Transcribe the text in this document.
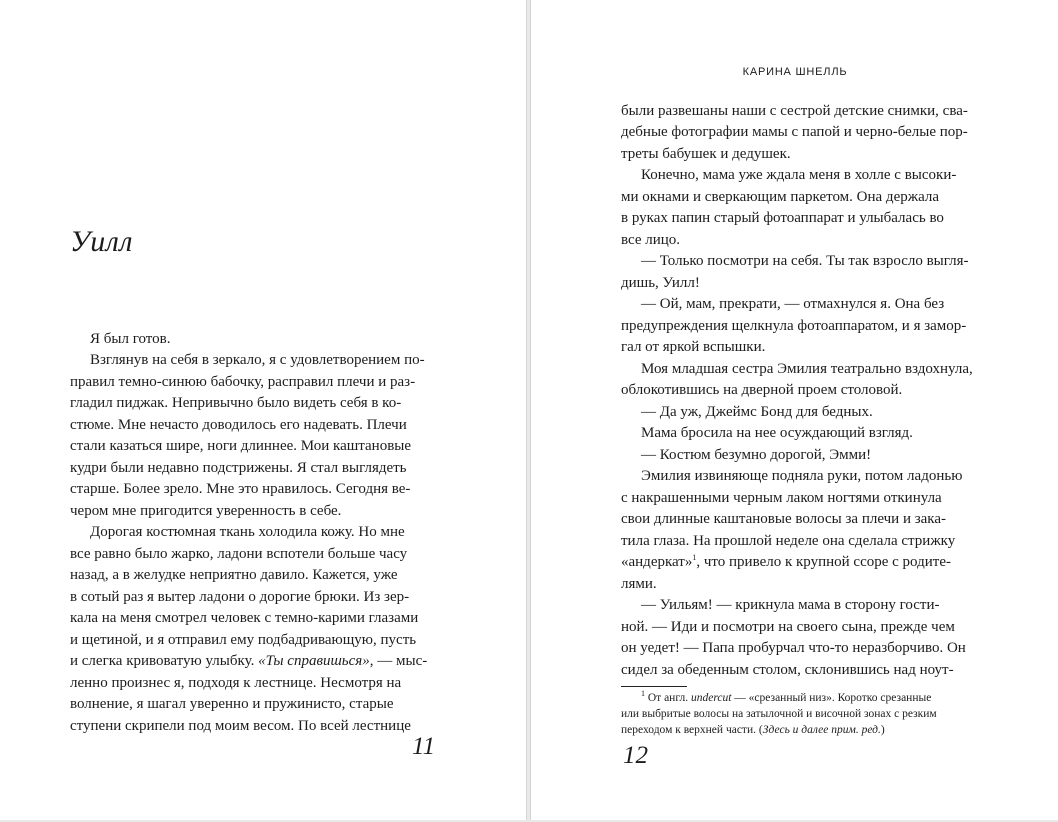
Уилл
Я был готов.
Взглянув на себя в зеркало, я с удовлетворением по-
правил темно-синюю бабочку, расправил плечи и раз-
гладил пиджак. Непривычно было видеть себя в ко-
стюме. Мне нечасто доводилось его надевать. Плечи
стали казаться шире, ноги длиннее. Мои каштановые
кудри были недавно подстрижены. Я стал выглядеть
старше. Более зрело. Мне это нравилось. Сегодня ве-
чером мне пригодится уверенность в себе.
Дорогая костюмная ткань холодила кожу. Но мне
все равно было жарко, ладони вспотели больше часу
назад, а в желудке неприятно давило. Кажется, уже
в сотый раз я вытер ладони о дорогие брюки. Из зер-
кала на меня смотрел человек с темно-карими глазами
и щетиной, и я отправил ему подбадривающую, пусть
и слегка кривоватую улыбку. «Ты справишься», — мыс-
ленно произнес я, подходя к лестнице. Несмотря на
волнение, я шагал уверенно и пружинисто, старые
ступени скрипели под моим весом. По всей лестнице
11
КАРИНА ШНЕЛЛЬ
были развешаны наши с сестрой детские снимки, сва-
дебные фотографии мамы с папой и черно-белые пор-
треты бабушек и дедушек.
Конечно, мама уже ждала меня в холле с высоки-
ми окнами и сверкающим паркетом. Она держала
в руках папин старый фотоаппарат и улыбалась во
все лицо.
— Только посмотри на себя. Ты так взросло выгля-
дишь, Уилл!
— Ой, мам, прекрати, — отмахнулся я. Она без
предупреждения щелкнула фотоаппаратом, и я замор-
гал от яркой вспышки.
Моя младшая сестра Эмилия театрально вздохнула,
облокотившись на дверной проем столовой.
— Да уж, Джеймс Бонд для бедных.
Мама бросила на нее осуждающий взгляд.
— Костюм безумно дорогой, Эмми!
Эмилия извиняюще подняла руки, потом ладонью
с накрашенными черным лаком ногтями откинула
свои длинные каштановые волосы за плечи и зака-
тила глаза. На прошлой неделе она сделала стрижку
«андеркат»$^1$, что привело к крупной ссоре с родите-
лями.
— Уильям! — крикнула мама в сторону гости-
ной. — Иди и посмотри на своего сына, прежде чем
он уедет! — Папа пробурчал что-то неразборчиво. Он
сидел за обеденным столом, склонившись над ноут-
$^1$ От англ. undercut — «срезанный низ». Коротко срезанные
или выбритые волосы на затылочной и височной зонах с резким
переходом к верхней части. (Здесь и далее прим. ред.)
12
